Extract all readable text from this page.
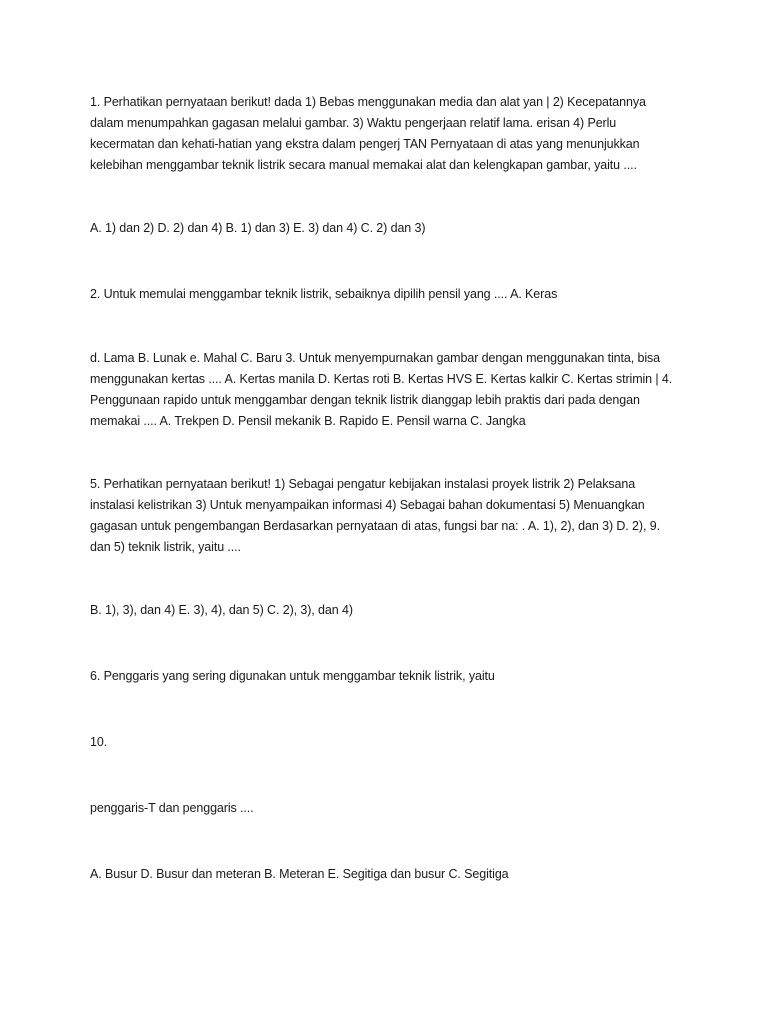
1. Perhatikan pernyataan berikut! dada 1) Bebas menggunakan media dan alat yan | 2) Kecepatannya dalam menumpahkan gagasan melalui gambar. 3) Waktu pengerjaan relatif lama. erisan 4) Perlu kecermatan dan kehati-hatian yang ekstra dalam pengerj TAN Pernyataan di atas yang menunjukkan kelebihan menggambar teknik listrik secara manual memakai alat dan kelengkapan gambar, yaitu ....

A. 1) dan 2) D. 2) dan 4) B. 1) dan 3) E. 3) dan 4) C. 2) dan 3)

2. Untuk memulai menggambar teknik listrik, sebaiknya dipilih pensil yang .... A. Keras

d. Lama B. Lunak e. Mahal C. Baru 3. Untuk menyempurnakan gambar dengan menggunakan tinta, bisa menggunakan kertas .... A. Kertas manila D. Kertas roti B. Kertas HVS E. Kertas kalkir C. Kertas strimin | 4. Penggunaan rapido untuk menggambar dengan teknik listrik dianggap lebih praktis dari pada dengan memakai .... A. Trekpen D. Pensil mekanik B. Rapido E. Pensil warna C. Jangka

5. Perhatikan pernyataan berikut! 1) Sebagai pengatur kebijakan instalasi proyek listrik 2) Pelaksana instalasi kelistrikan 3) Untuk menyampaikan informasi 4) Sebagai bahan dokumentasi 5) Menuangkan gagasan untuk pengembangan Berdasarkan pernyataan di atas, fungsi bar na: . A. 1), 2), dan 3) D. 2), 9. dan 5) teknik listrik, yaitu ....

B. 1), 3), dan 4) E. 3), 4), dan 5) C. 2), 3), dan 4)

6. Penggaris yang sering digunakan untuk menggambar teknik listrik, yaitu

10.

penggaris-T dan penggaris ....

A. Busur D. Busur dan meteran B. Meteran E. Segitiga dan busur C. Segitiga
